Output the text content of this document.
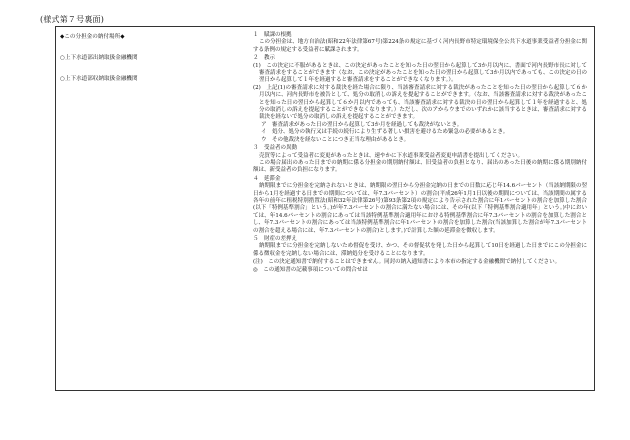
(様式第７号裏面)
◆この分担金の納付場所◆
○上下水道部出納取扱金融機関
○上下水道部収納取扱金融機関
１　賦課の根拠
この分担金は、地方自治法(昭和22年法律第67号)第224条の規定に基づく河内長野市特定環境保全公共下水道事業受益者分担金に関する条例の規定する受益者に賦課されます。
２　教示
(1)　この決定に不服があるときは、この決定があったことを知った日の翌日から起算して3か月以内に、書面で河内長野市長に対して審査請求をすることができます（なお、この決定があったことを知った日の翌日から起算して3か月以内であっても、この決定の日の翌日から起算して１年を経過すると審査請求をすることができなくなります。）。
(2)　上記(1)の審査請求に対する裁決を経た場合に限り、当該審査請求に対する裁決があったことを知った日の翌日から起算して６か月以内に、河内長野市を被告として、処分の取消しの訴えを提起することができます。（なお、当該審査請求に対する裁決があったことを知った日の翌日から起算して６か月以内であっても、当該審査請求に対する裁決の日の翌日から起算して１年を経過すると、処分の取消しの訴えを提起することができなくなります。）ただし、次のアからウまでのいずれかに該当するときは、審査請求に対する裁決を経ないで処分の取消しの訴えを提起することができます。
ア　審査請求があった日の翌日から起算して3か月を経過しても裁決がないとき。
イ　処分、処分の執行又は手続の続行により生ずる著しい損害を避けるため緊急の必要があるとき。
ウ　その他裁決を経ないことにつき正当な理由があるとき。
３　受益者の異動
売買等によって受益者に変更があったときは、速やかに下水道事業受益者変更申請書を提出してください。
この場合届出のあった日までの納期に係る分担金の期別納付額は、旧受益者の負担となり、届出のあった日後の納期に係る期別納付額は、新受益者の負担になります。
４　延滞金
納期限までに分担金を完納されないときは、納期限の翌日から分担金完納の日までの日数に応じ年14.6パーセント（当該納期限の翌日から1月を経過する日までの期間については、年7.3パーセント）の割合(平成26年1月1日以後の期間については、当該期間の属する各年の前年に租税特別措置法(昭和32年法律第26号)第93条第2項の規定により告示された割合に年1パーセントの割合を加算した割合(以下「特例基準割合」という。)が年7.3パーセントの割合に満たない場合には、その年(以下「特例基準割合適用年」という。)中においては、年14.6パーセントの割合にあっては当該特例基準割合適用年における特例基準割合に年7.3パーセントの割合を加算した割合とし、年7.3パーセントの割合にあっては当該特例基準割合に年1パーセントの割合を加算した割合(当該加算した割合が年7.3パーセントの割合を超える場合には、年7.3パーセントの割合)とします。)で計算した額の延滞金を徴収します。
５　財産の差押え
納期限までに分担金を完納しないため督促を受け、かつ、その督促状を発した日から起算して10日を経過した日までにこの分担金に係る徴収金を完納しない場合には、滞納処分を受けることになります。
(注)　この決定通知書で納付することはできません。同封の納入通知書により本市の指定する金融機関で納付してください。
◎　この通知書の記載事項についての問合せは
